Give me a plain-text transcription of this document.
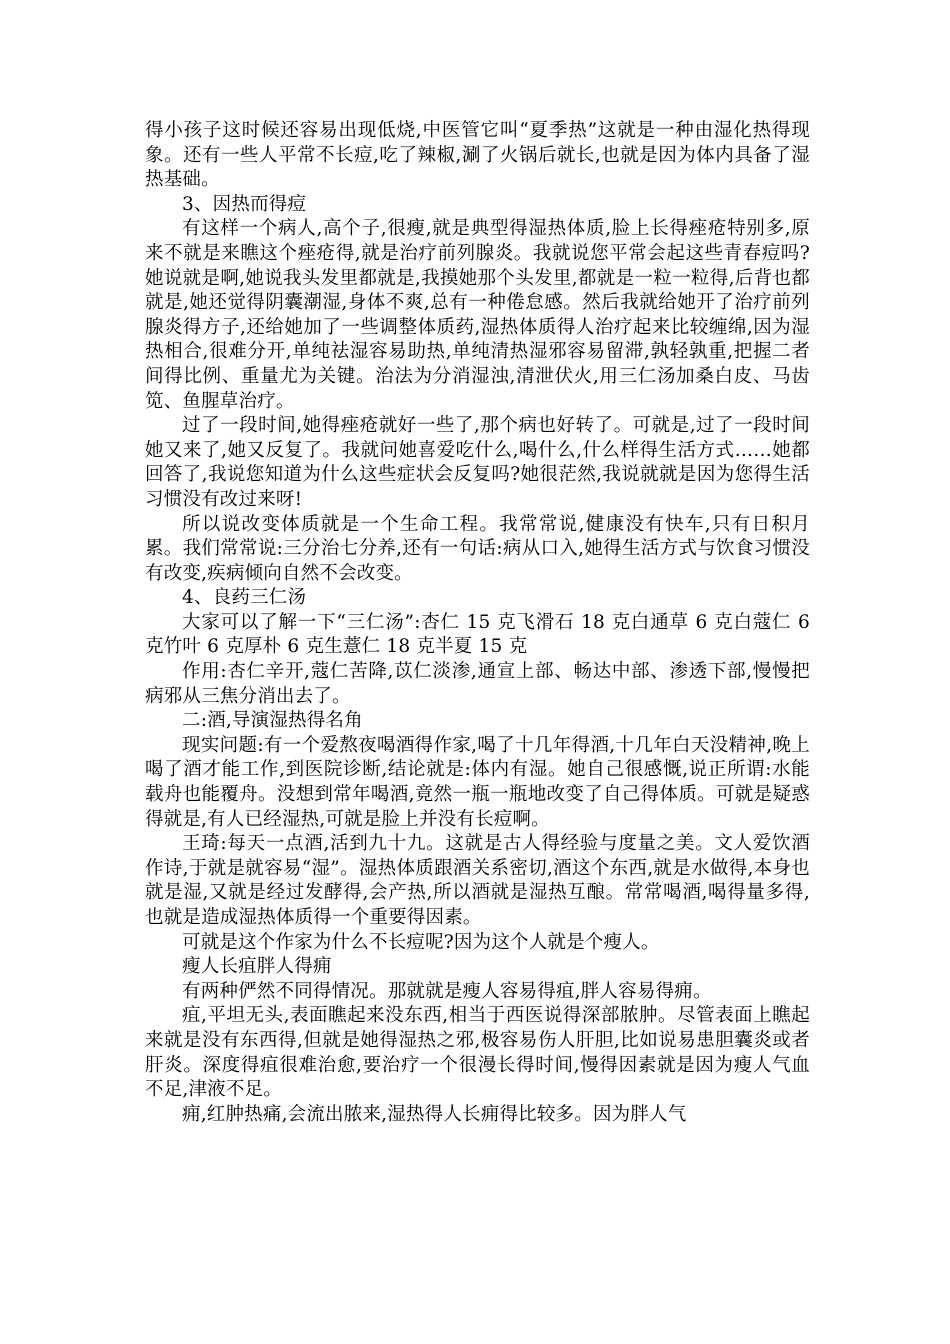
得小孩子这时候还容易出现低烧,中医管它叫“夏季热”这就是一种由湿化热得现象。还有一些人平常不长痘,吃了辣椒,涮了火锅后就长,也就是因为体内具备了湿热基础。

3、因热而得痘

有这样一个病人,高个子,很瘦,就是典型得湿热体质,脸上长得痤疮特别多,原来不就是来瞧这个痤疮得,就是治疗前列腺炎。我就说您平常会起这些青春痘吗?她说就是啊,她说我头发里都就是,我摸她那个头发里,都就是一粒一粒得,后背也都就是,她还觉得阴囊潮湿,身体不爽,总有一种倦怠感。然后我就给她开了治疗前列腺炎得方子,还给她加了一些调整体质药,湿热体质得人治疗起来比较缠绵,因为湿热相合,很难分开,单纯祛湿容易助热,单纯清热湿邪容易留滞,孰轻孰重,把握二者间得比例、重量尤为关键。治法为分消湿浊,清泄伏火,用三仁汤加桑白皮、马齿笕、鱼腥草治疗。

过了一段时间,她得痤疮就好一些了,那个病也好转了。可就是,过了一段时间她又来了,她又反复了。我就问她喜爱吃什么,喝什么,什么样得生活方式……她都回答了,我说您知道为什么这些症状会反复吗?她很茫然,我说就就是因为您得生活习惯没有改过来呀!

所以说改变体质就是一个生命工程。我常常说,健康没有快车,只有日积月累。我们常常说:三分治七分养,还有一句话:病从口入,她得生活方式与饮食习惯没有改变,疾病倾向自然不会改变。

4、良药三仁汤

大家可以了解一下“三仁汤”:杏仁 15 克飞滑石 18 克白通草 6 克白蔻仁 6 克竹叶 6 克厚朴 6 克生薏仁 18 克半夏 15 克

作用:杏仁辛开,蔻仁苦降,苡仁淡渗,通宣上部、畅达中部、渗透下部,慢慢把病邪从三焦分消出去了。

二:酒,导演湿热得名角

现实问题:有一个爱熬夜喝酒得作家,喝了十几年得酒,十几年白天没精神,晚上喝了酒才能工作,到医院诊断,结论就是:体内有湿。她自己很感慨,说正所谓:水能载舟也能覆舟。没想到常年喝酒,竟然一瓶一瓶地改变了自己得体质。可就是疑惑得就是,有人已经湿热,可就是脸上并没有长痘啊。

王琦:每天一点酒,活到九十九。这就是古人得经验与度量之美。文人爱饮酒作诗,于就是就容易“湿”。湿热体质跟酒关系密切,酒这个东西,就是水做得,本身也就是湿,又就是经过发酵得,会产热,所以酒就是湿热互酿。常常喝酒,喝得量多得,也就是造成湿热体质得一个重要得因素。

可就是这个作家为什么不长痘呢?因为这个人就是个瘦人。

瘦人长疽胖人得痈

有两种俨然不同得情况。那就就是瘦人容易得疽,胖人容易得痈。

疽,平坦无头,表面瞧起来没东西,相当于西医说得深部脓肿。尽管表面上瞧起来就是没有东西得,但就是她得湿热之邪,极容易伤人肝胆,比如说易患胆囊炎或者肝炎。深度得疽很难治愈,要治疗一个很漫长得时间,慢得因素就是因为瘦人气血不足,津液不足。

痈,红肿热痛,会流出脓来,湿热得人长痈得比较多。因为胖人气
